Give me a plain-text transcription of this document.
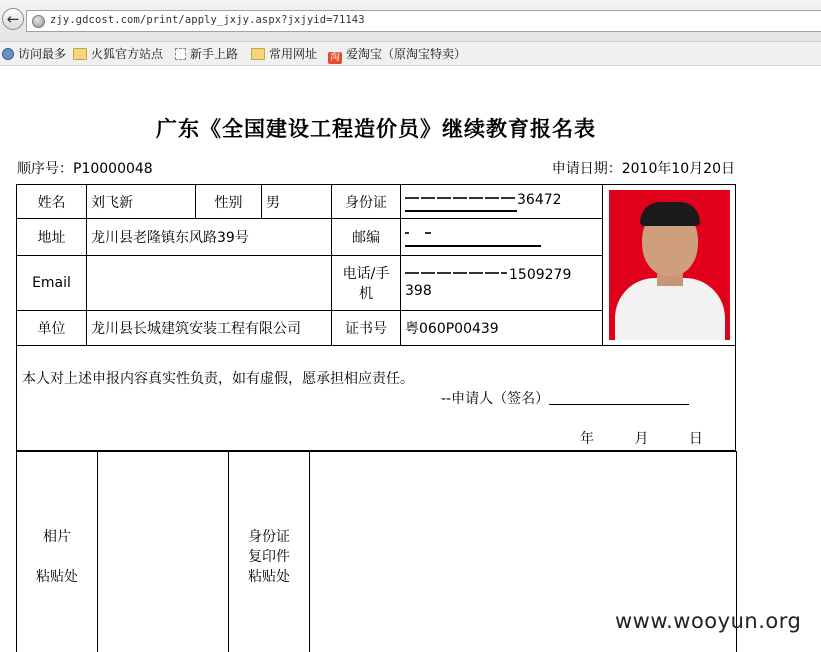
←	zjy.gdcost.com/print/apply_jxjy.aspx?jxjyid=71143
访问最多	火狐官方站点	新手上路	常用网址 淘 爱淘宝（原淘宝特卖）
广东《全国建设工程造价员》继续教育报名表
顺序号：P10000048	申请日期：2010年10月20日
姓名	刘飞新	性别	男	身份证	36472	

地址	龙川县老隆镇东风路39号			邮编		
Email				电话/手机	1509279
398	
单位	龙川县长城建筑安装工程有限公司			证书号	粤060P00439	

本人对上述申报内容真实性负责，如有虚假，愿承担相应责任。
--申请人（签名）
年 月 日						
相片

粘贴处		身份证
复印件
粘贴处	
www.wooyun.org
